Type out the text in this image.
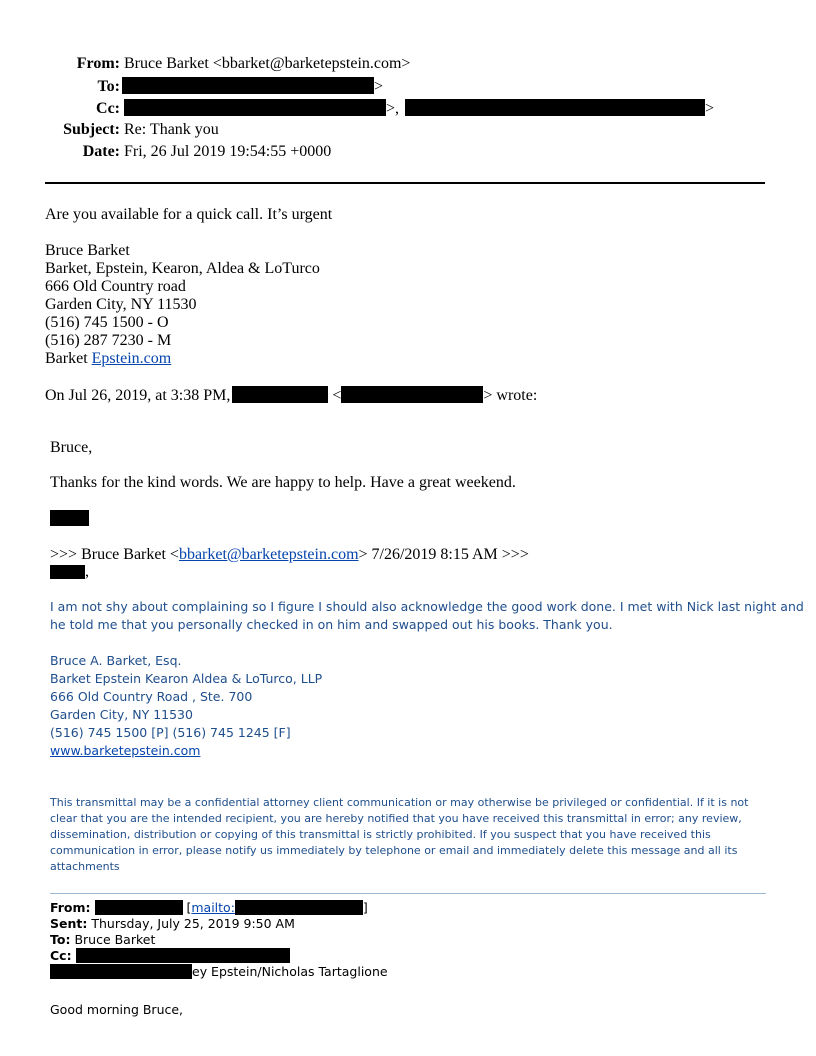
From: Bruce Barket <bbarket@barketepstein.com>
To:	>
Cc:	>,	>
Subject: Re: Thank you
Date: Fri, 26 Jul 2019 19:54:55 +0000
Are you available for a quick call. It’s urgent
Bruce Barket
Barket, Epstein, Kearon, Aldea & LoTurco
666 Old Country road
Garden City, NY 11530
(516) 745 1500 - O
(516) 287 7230 - M
Barket Epstein.com
On Jul 26, 2019, at 3:38 PM,	<	> wrote:
Bruce,
Thanks for the kind words. We are happy to help. Have a great weekend.
>>> Bruce Barket <bbarket@barketepstein.com> 7/26/2019 8:15 AM >>>
,
I am not shy about complaining so I figure I should also acknowledge the good work done. I met with Nick last night and
he told me that you personally checked in on him and swapped out his books. Thank you.
Bruce A. Barket, Esq.
Barket Epstein Kearon Aldea & LoTurco, LLP
666 Old Country Road , Ste. 700
Garden City, NY 11530
(516) 745 1500 [P] (516) 745 1245 [F]
www.barketepstein.com
This transmittal may be a confidential attorney client communication or may otherwise be privileged or confidential. If it is not clear that you are the intended recipient, you are hereby notified that you have received this transmittal in error; any review, dissemination, distribution or copying of this transmittal is strictly prohibited. If you suspect that you have received this communication in error, please notify us immediately by telephone or email and immediately delete this message and all its attachments
From:	[mailto:	]
Sent: Thursday, July 25, 2019 9:50 AM
To: Bruce Barket
Cc:
ey Epstein/Nicholas Tartaglione
Good morning Bruce,
